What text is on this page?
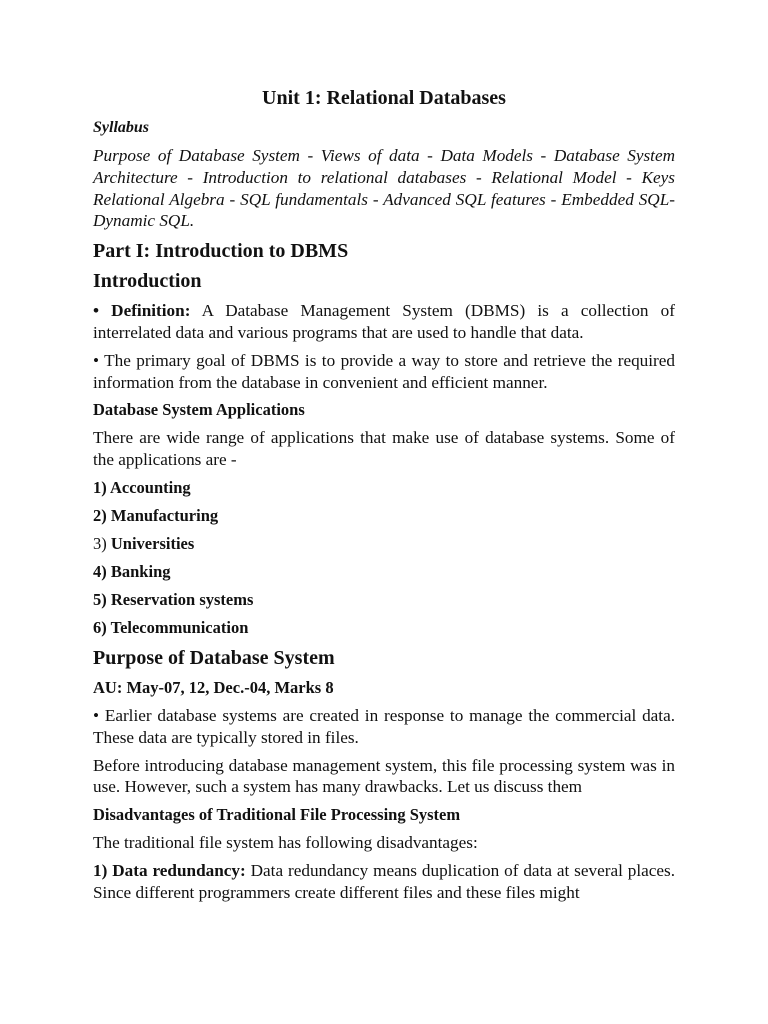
Unit 1: Relational Databases
Syllabus

Purpose of Database System - Views of data - Data Models - Database System Architecture - Introduction to relational databases - Relational Model - Keys Relational Algebra - SQL fundamentals - Advanced SQL features - Embedded SQL- Dynamic SQL.

Part I: Introduction to DBMS
Introduction

• Definition: A Database Management System (DBMS) is a collection of interrelated data and various programs that are used to handle that data.

• The primary goal of DBMS is to provide a way to store and retrieve the required information from the database in convenient and efficient manner.

Database System Applications

There are wide range of applications that make use of database systems. Some of the applications are -

1) Accounting
2) Manufacturing
3) Universities
4) Banking
5) Reservation systems
6) Telecommunication
Purpose of Database System
AU: May-07, 12, Dec.-04, Marks 8

• Earlier database systems are created in response to manage the commercial data. These data are typically stored in files.

Before introducing database management system, this file processing system was in use. However, such a system has many drawbacks. Let us discuss them

Disadvantages of Traditional File Processing System

The traditional file system has following disadvantages:

1) Data redundancy: Data redundancy means duplication of data at several places. Since different programmers create different files and these files might
